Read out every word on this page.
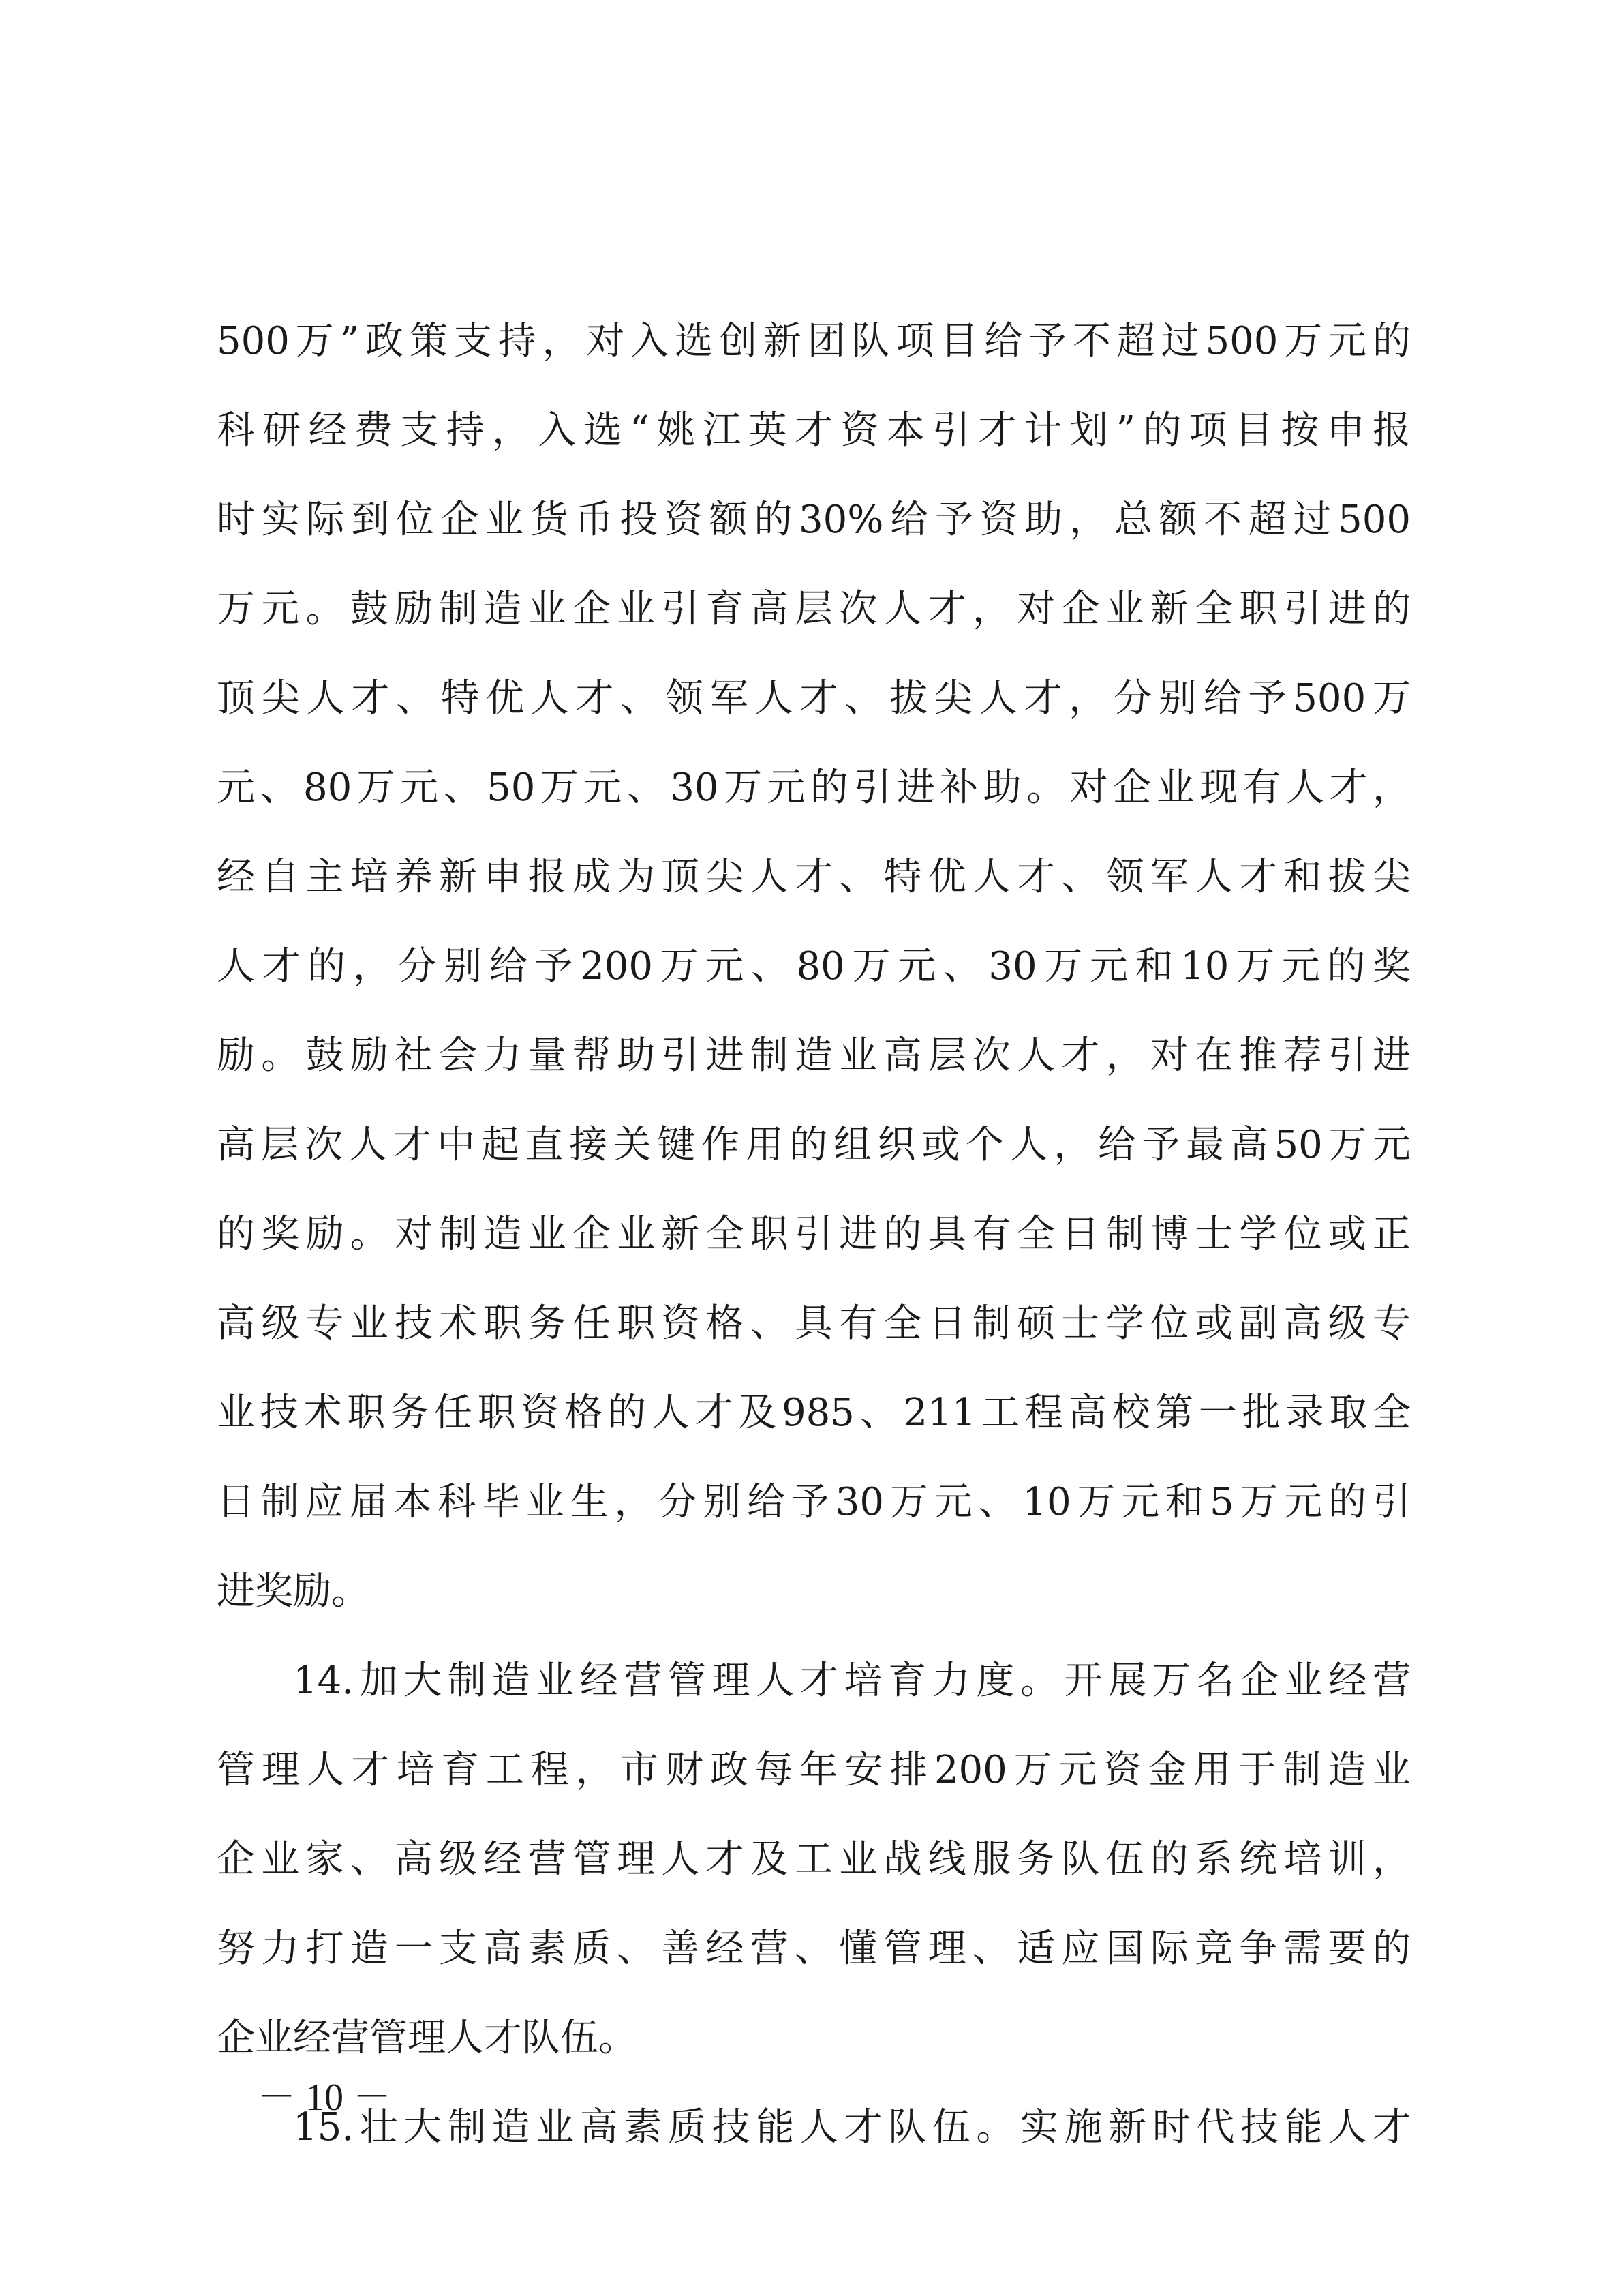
500万”政策支持，对入选创新团队项目给予不超过500万元的
科研经费支持，入选“姚江英才资本引才计划”的项目按申报
时实际到位企业货币投资额的30%给予资助，总额不超过500
万元。鼓励制造业企业引育高层次人才，对企业新全职引进的
顶尖人才、特优人才、领军人才、拔尖人才，分别给予500万
元、80万元、50万元、30万元的引进补助。对企业现有人才，
经自主培养新申报成为顶尖人才、特优人才、领军人才和拔尖
人才的，分别给予200万元、80万元、30万元和10万元的奖
励。鼓励社会力量帮助引进制造业高层次人才，对在推荐引进
高层次人才中起直接关键作用的组织或个人，给予最高50万元
的奖励。对制造业企业新全职引进的具有全日制博士学位或正
高级专业技术职务任职资格、具有全日制硕士学位或副高级专
业技术职务任职资格的人才及985、211工程高校第一批录取全
日制应届本科毕业生，分别给予30万元、10万元和5万元的引
进奖励。
14.加大制造业经营管理人才培育力度。开展万名企业经营
管理人才培育工程，市财政每年安排200万元资金用于制造业
企业家、高级经营管理人才及工业战线服务队伍的系统培训，
努力打造一支高素质、善经营、懂管理、适应国际竞争需要的
企业经营管理人才队伍。
15.壮大制造业高素质技能人才队伍。实施新时代技能人才
－ 10 －
